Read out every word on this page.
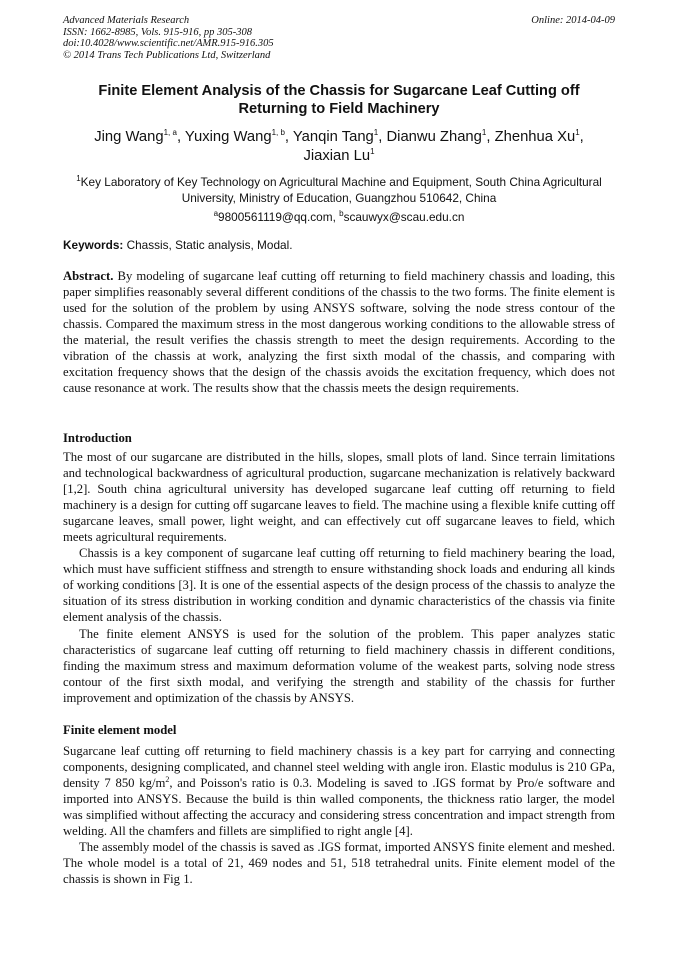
Advanced Materials Research
ISSN: 1662-8985, Vols. 915-916, pp 305-308
doi:10.4028/www.scientific.net/AMR.915-916.305
© 2014 Trans Tech Publications Ltd, Switzerland
Online: 2014-04-09
Finite Element Analysis of the Chassis for Sugarcane Leaf Cutting off Returning to Field Machinery
Jing Wang$^{1, a}$, Yuxing Wang$^{1, b}$, Yanqin Tang$^1$, Dianwu Zhang$^1$, Zhenhua Xu$^1$,
Jiaxian Lu$^1$
$^1$Key Laboratory of Key Technology on Agricultural Machine and Equipment, South China Agricultural University, Ministry of Education, Guangzhou 510642, China
$^a$9800561119@qq.com, $^b$scauwyx@scau.edu.cn
Keywords: Chassis, Static analysis, Modal.

Abstract. By modeling of sugarcane leaf cutting off returning to field machinery chassis and loading, this paper simplifies reasonably several different conditions of the chassis to the two forms. The finite element is used for the solution of the problem by using ANSYS software, solving the node stress contour of the chassis. Compared the maximum stress in the most dangerous working conditions to the allowable stress of the material, the result verifies the chassis strength to meet the design requirements. According to the vibration of the chassis at work, analyzing the first sixth modal of the chassis, and comparing with excitation frequency shows that the design of the chassis avoids the excitation frequency, which does not cause resonance at work. The results show that the chassis meets the design requirements.

Introduction

The most of our sugarcane are distributed in the hills, slopes, small plots of land. Since terrain limitations and technological backwardness of agricultural production, sugarcane mechanization is relatively backward [1,2]. South china agricultural university has developed sugarcane leaf cutting off returning to field machinery is a design for cutting off sugarcane leaves to field. The machine using a flexible knife cutting off sugarcane leaves, small power, light weight, and can effectively cut off sugarcane leaves to field, which meets agricultural requirements.

Chassis is a key component of sugarcane leaf cutting off returning to field machinery bearing the load, which must have sufficient stiffness and strength to ensure withstanding shock loads and enduring all kinds of working conditions [3]. It is one of the essential aspects of the design process of the chassis to analyze the situation of its stress distribution in working condition and dynamic characteristics of the chassis via finite element analysis of the chassis.

The finite element ANSYS is used for the solution of the problem. This paper analyzes static characteristics of sugarcane leaf cutting off returning to field machinery chassis in different conditions, finding the maximum stress and maximum deformation volume of the weakest parts, solving node stress contour of the first sixth modal, and verifying the strength and stability of the chassis for further improvement and optimization of the chassis by ANSYS.

Finite element model

Sugarcane leaf cutting off returning to field machinery chassis is a key part for carrying and connecting components, designing complicated, and channel steel welding with angle iron. Elastic modulus is 210 GPa, density 7 850 $kg/m^2$, and Poisson's ratio is 0.3. Modeling is saved to .IGS format by Pro/e software and imported into ANSYS. Because the build is thin walled components, the thickness ratio larger, the model was simplified without affecting the accuracy and considering stress concentration and impact strength from welding. All the chamfers and fillets are simplified to right angle [4].

The assembly model of the chassis is saved as .IGS format, imported ANSYS finite element and meshed. The whole model is a total of 21, 469 nodes and 51, 518 tetrahedral units. Finite element model of the chassis is shown in Fig 1.
